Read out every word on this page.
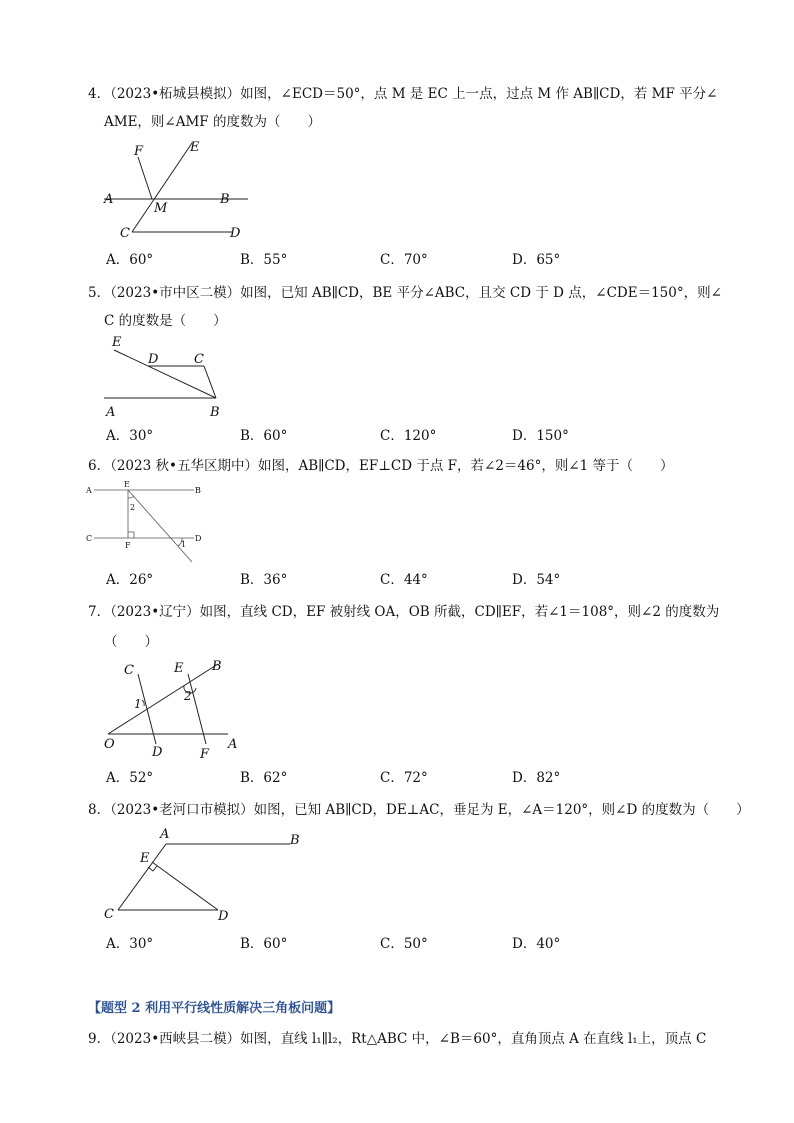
4．（2023•柘城县模拟）如图，∠ECD＝50°，点 M 是 EC 上一点，过点 M 作 AB∥CD，若 MF 平分∠
AME，则∠AMF 的度数为（　　）
F	E
A
M
B
C	D
A．60°	B．55°	C．70°	D．65°
5．（2023•市中区二模）如图，已知 AB∥CD，BE 平分∠ABC，且交 CD 于 D 点，∠CDE＝150°，则∠
C 的度数是（　　）
E
D	C
A	B
A．30°	B．60°	C．120°	D．150°
6．（2023 秋•五华区期中）如图，AB∥CD，EF⊥CD 于点 F，若∠2＝46°，则∠1 等于（　　）
A
E
B
2
C
F	1
D
A．26°	B．36°	C．44°	D．54°
7．（2023•辽宁）如图，直线 CD，EF 被射线 OA，OB 所截，CD∥EF，若∠1＝108°，则∠2 的度数为
（　　）
C	E B
1
2
O
D	F
A
A．52°	B．62°	C．72°	D．82°
8．（2023•老河口市模拟）如图，已知 AB∥CD，DE⊥AC，垂足为 E，∠A＝120°，则∠D 的度数为（　　）
A	B
E
C	D
A．30°	B．60°	C．50°	D．40°
【题型 2 利用平行线性质解决三角板问题】
9．（2023•西峡县二模）如图，直线 l₁∥l₂，Rt△ABC 中，∠B＝60°，直角顶点 A 在直线 l₁上，顶点 C
